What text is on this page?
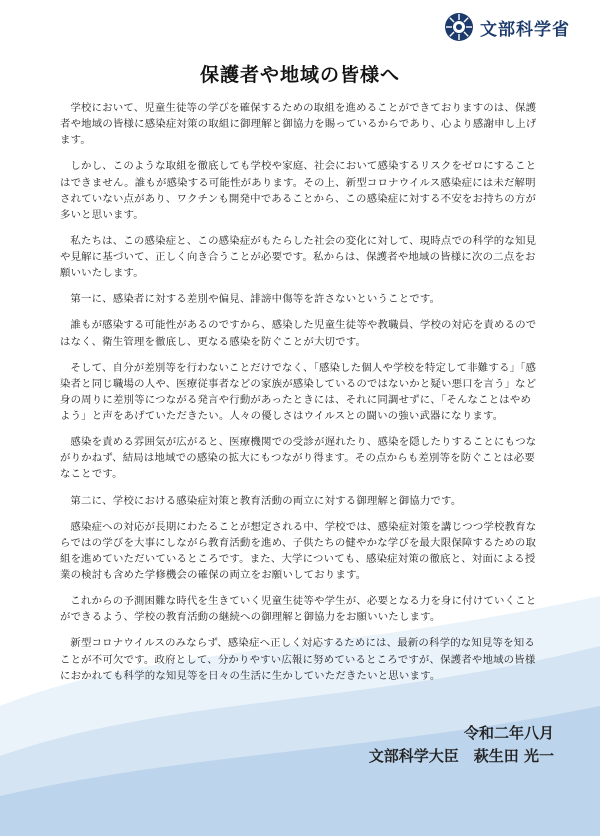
文部科学省
保護者や地域の皆様へ

学校において、児童生徒等の学びを確保するための取組を進めることができておりますのは、保護者や地域の皆様に感染症対策の取組に御理解と御協力を賜っているからであり、心より感謝申し上げます。

しかし、このような取組を徹底しても学校や家庭、社会において感染するリスクをゼロにすることはできません。誰もが感染する可能性があります。その上、新型コロナウイルス感染症には未だ解明されていない点があり、ワクチンも開発中であることから、この感染症に対する不安をお持ちの方が多いと思います。

私たちは、この感染症と、この感染症がもたらした社会の変化に対して、現時点での科学的な知見や見解に基づいて、正しく向き合うことが必要です。私からは、保護者や地域の皆様に次の二点をお願いいたします。

第一に、感染者に対する差別や偏見、誹謗中傷等を許さないということです。

誰もが感染する可能性があるのですから、感染した児童生徒等や教職員、学校の対応を責めるのではなく、衛生管理を徹底し、更なる感染を防ぐことが大切です。

そして、自分が差別等を行わないことだけでなく、「感染した個人や学校を特定して非難する」「感染者と同じ職場の人や、医療従事者などの家族が感染しているのではないかと疑い悪口を言う」など身の周りに差別等につながる発言や行動があったときには、それに同調せずに、「そんなことはやめよう」と声をあげていただきたい。人々の優しさはウイルスとの闘いの強い武器になります。

感染を責める雰囲気が広がると、医療機関での受診が遅れたり、感染を隠したりすることにもつながりかねず、結局は地域での感染の拡大にもつながり得ます。その点からも差別等を防ぐことは必要なことです。

第二に、学校における感染症対策と教育活動の両立に対する御理解と御協力です。

感染症への対応が長期にわたることが想定される中、学校では、感染症対策を講じつつ学校教育ならではの学びを大事にしながら教育活動を進め、子供たちの健やかな学びを最大限保障するための取組を進めていただいているところです。また、大学についても、感染症対策の徹底と、対面による授業の検討も含めた学修機会の確保の両立をお願いしております。

これからの予測困難な時代を生きていく児童生徒等や学生が、必要となる力を身に付けていくことができるよう、学校の教育活動の継続への御理解と御協力をお願いいたします。

新型コロナウイルスのみならず、感染症へ正しく対応するためには、最新の科学的な知見等を知ることが不可欠です。政府として、分かりやすい広報に努めているところですが、保護者や地域の皆様におかれても科学的な知見等を日々の生活に生かしていただきたいと思います。

令和二年八月
文部科学大臣　萩生田 光一
